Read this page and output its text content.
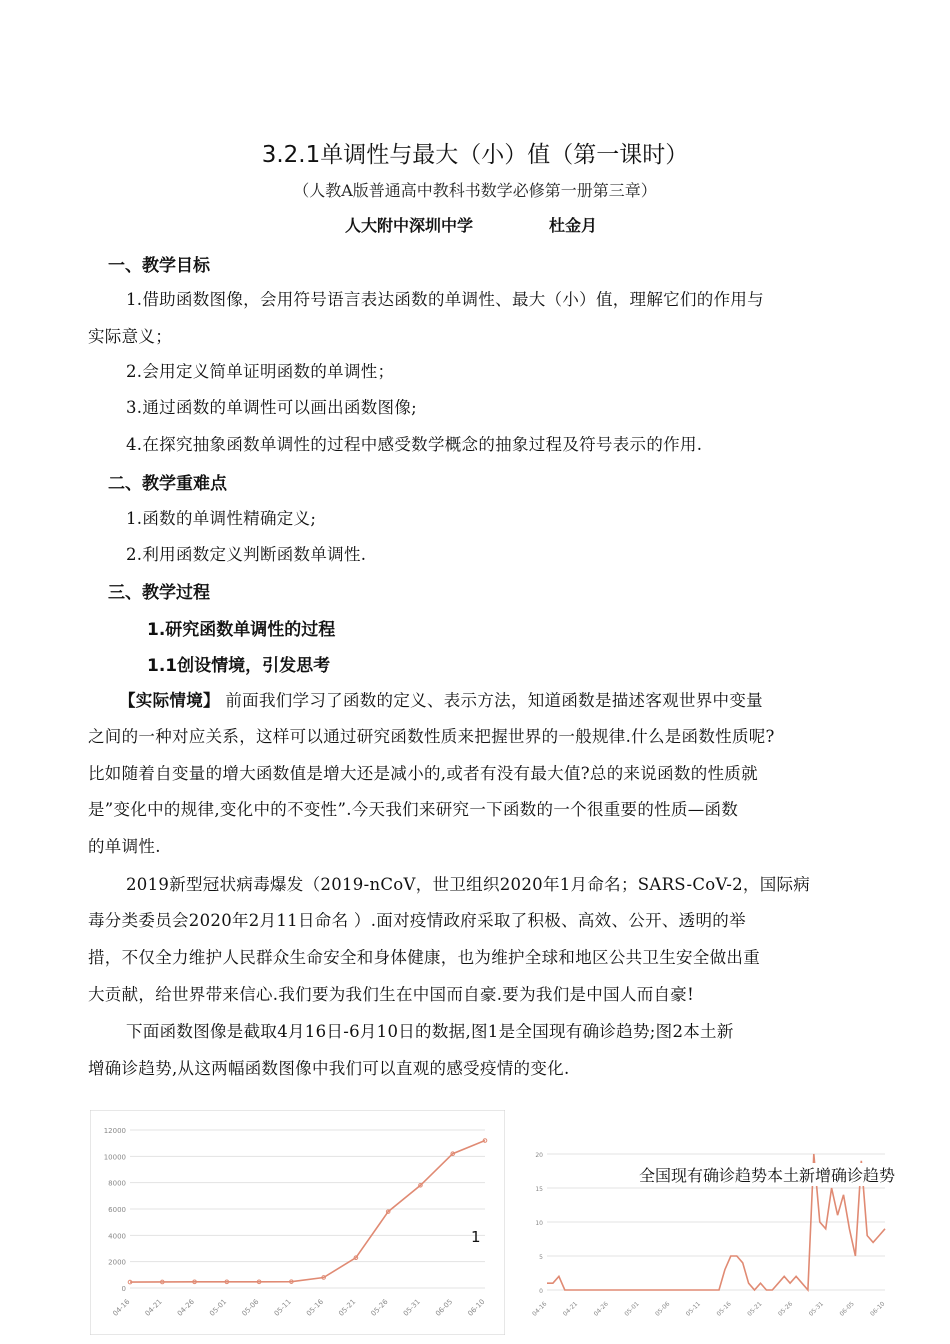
3.2.1单调性与最大（小）值（第一课时）
（人教A版普通高中教科书数学必修第一册第三章）
人大附中深圳中学	杜金月
一、教学目标
1.借助函数图像，会用符号语言表达函数的单调性、最大（小）值，理解它们的作用与
实际意义；
2.会用定义简单证明函数的单调性；
3.通过函数的单调性可以画出函数图像;
4.在探究抽象函数单调性的过程中感受数学概念的抽象过程及符号表示的作用.
二、教学重难点
1.函数的单调性精确定义;
2.利用函数定义判断函数单调性.
三、教学过程
1.研究函数单调性的过程
1.1创设情境，引发思考
【实际情境】 前面我们学习了函数的定义、表示方法，知道函数是描述客观世界中变量
之间的一种对应关系，这样可以通过研究函数性质来把握世界的一般规律.什么是函数性质呢?
比如随着自变量的增大函数值是增大还是减小的,或者有没有最大值?总的来说函数的性质就
是”变化中的规律,变化中的不变性”.今天我们来研究一下函数的一个很重要的性质—函数
的单调性.
2019新型冠状病毒爆发（2019-nCoV，世卫组织2020年1月命名；SARS-CoV-2，国际病
毒分类委员会2020年2月11日命名 ）.面对疫情政府采取了积极、高效、公开、透明的举
措，不仅全力维护人民群众生命安全和身体健康，也为维护全球和地区公共卫生安全做出重
大贡献，给世界带来信心.我们要为我们生在中国而自豪.要为我们是中国人而自豪!
下面函数图像是截取4月16日-6月10日的数据,图1是全国现有确诊趋势;图2本土新
增确诊趋势,从这两幅函数图像中我们可以直观的感受疫情的变化.
0
2000
4000
6000
8000
10000
12000
04-16 04-21 04-26 05-01 05-06 05-11 05-16 05-21 05-26 05-31 06-05 06-10
1
0
5
10
15
20
04-16 04-21 04-26 05-01 05-06 05-11 05-16 05-21 05-26 05-31 06-05 06-10
全国现有确诊趋势本土新增确诊趋势
